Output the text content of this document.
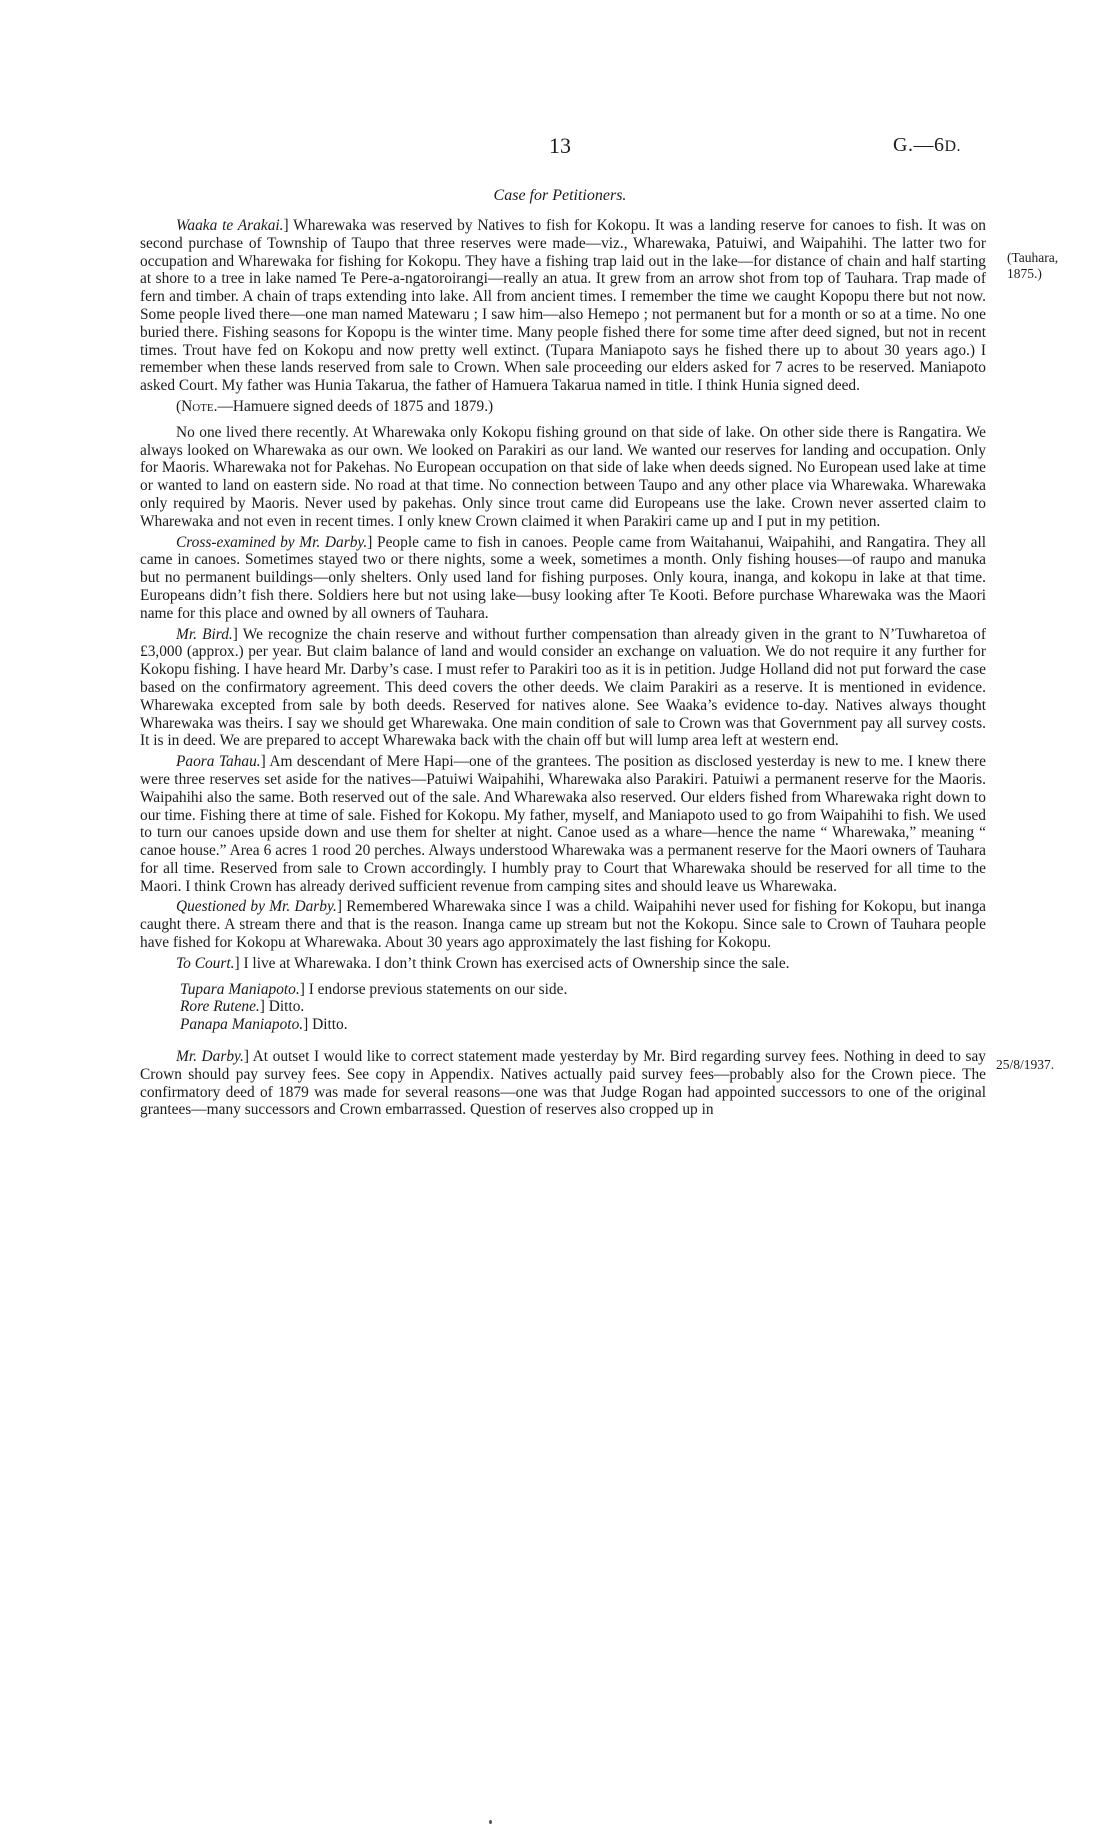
13	G.—6D.
Case for Petitioners.
(Tauhara,
1875.)
25/8/1937.

Waaka te Arakai.] Wharewaka was reserved by Natives to fish for Kokopu. It was a landing reserve for canoes to fish. It was on second purchase of Township of Taupo that three reserves were made—viz., Wharewaka, Patuiwi, and Waipahihi. The latter two for occupation and Wharewaka for fishing for Kokopu. They have a fishing trap laid out in the lake—for distance of chain and half starting at shore to a tree in lake named Te Pere-a-ngatoroirangi—really an atua. It grew from an arrow shot from top of Tauhara. Trap made of fern and timber. A chain of traps extending into lake. All from ancient times. I remember the time we caught Kopopu there but not now. Some people lived there—one man named Matewaru ; I saw him—also Hemepo ; not permanent but for a month or so at a time. No one buried there. Fishing seasons for Kopopu is the winter time. Many people fished there for some time after deed signed, but not in recent times. Trout have fed on Kokopu and now pretty well extinct. (Tupara Maniapoto says he fished there up to about 30 years ago.) I remember when these lands reserved from sale to Crown. When sale proceeding our elders asked for 7 acres to be reserved. Maniapoto asked Court. My father was Hunia Takarua, the father of Hamuera Takarua named in title. I think Hunia signed deed.

(Note.—Hamuere signed deeds of 1875 and 1879.)

No one lived there recently. At Wharewaka only Kokopu fishing ground on that side of lake. On other side there is Rangatira. We always looked on Wharewaka as our own. We looked on Parakiri as our land. We wanted our reserves for landing and occupation. Only for Maoris. Wharewaka not for Pakehas. No European occupation on that side of lake when deeds signed. No European used lake at time or wanted to land on eastern side. No road at that time. No connection between Taupo and any other place via Wharewaka. Wharewaka only required by Maoris. Never used by pakehas. Only since trout came did Europeans use the lake. Crown never asserted claim to Wharewaka and not even in recent times. I only knew Crown claimed it when Parakiri came up and I put in my petition.

Cross-examined by Mr. Darby.] People came to fish in canoes. People came from Waitahanui, Waipahihi, and Rangatira. They all came in canoes. Sometimes stayed two or there nights, some a week, sometimes a month. Only fishing houses—of raupo and manuka but no permanent buildings—only shelters. Only used land for fishing purposes. Only koura, inanga, and kokopu in lake at that time. Europeans didn’t fish there. Soldiers here but not using lake—busy looking after Te Kooti. Before purchase Wharewaka was the Maori name for this place and owned by all owners of Tauhara.

Mr. Bird.] We recognize the chain reserve and without further compensation than already given in the grant to N’Tuwharetoa of £3,000 (approx.) per year. But claim balance of land and would consider an exchange on valuation. We do not require it any further for Kokopu fishing. I have heard Mr. Darby’s case. I must refer to Parakiri too as it is in petition. Judge Holland did not put forward the case based on the confirmatory agreement. This deed covers the other deeds. We claim Parakiri as a reserve. It is mentioned in evidence. Wharewaka excepted from sale by both deeds. Reserved for natives alone. See Waaka’s evidence to-day. Natives always thought Wharewaka was theirs. I say we should get Wharewaka. One main condition of sale to Crown was that Government pay all survey costs. It is in deed. We are prepared to accept Wharewaka back with the chain off but will lump area left at western end.

Paora Tahau.] Am descendant of Mere Hapi—one of the grantees. The position as disclosed yesterday is new to me. I knew there were three reserves set aside for the natives—Patuiwi Waipahihi, Wharewaka also Parakiri. Patuiwi a permanent reserve for the Maoris. Waipahihi also the same. Both reserved out of the sale. And Wharewaka also reserved. Our elders fished from Wharewaka right down to our time. Fishing there at time of sale. Fished for Kokopu. My father, myself, and Maniapoto used to go from Waipahihi to fish. We used to turn our canoes upside down and use them for shelter at night. Canoe used as a whare—hence the name “ Wharewaka,” meaning “ canoe house.” Area 6 acres 1 rood 20 perches. Always understood Wharewaka was a permanent reserve for the Maori owners of Tauhara for all time. Reserved from sale to Crown accordingly. I humbly pray to Court that Wharewaka should be reserved for all time to the Maori. I think Crown has already derived sufficient revenue from camping sites and should leave us Wharewaka.

Questioned by Mr. Darby.] Remembered Wharewaka since I was a child. Waipahihi never used for fishing for Kokopu, but inanga caught there. A stream there and that is the reason. Inanga came up stream but not the Kokopu. Since sale to Crown of Tauhara people have fished for Kokopu at Wharewaka. About 30 years ago approximately the last fishing for Kokopu.

To Court.] I live at Wharewaka. I don’t think Crown has exercised acts of Ownership since the sale.

Tupara Maniapoto.] I endorse previous statements on our side.
Rore Rutene.] Ditto.
Panapa Maniapoto.] Ditto.

Mr. Darby.] At outset I would like to correct statement made yesterday by Mr. Bird regarding survey fees. Nothing in deed to say Crown should pay survey fees. See copy in Appendix. Natives actually paid survey fees—probably also for the Crown piece. The confirmatory deed of 1879 was made for several reasons—one was that Judge Rogan had appointed successors to one of the original grantees—many successors and Crown embarrassed. Question of reserves also cropped up in
